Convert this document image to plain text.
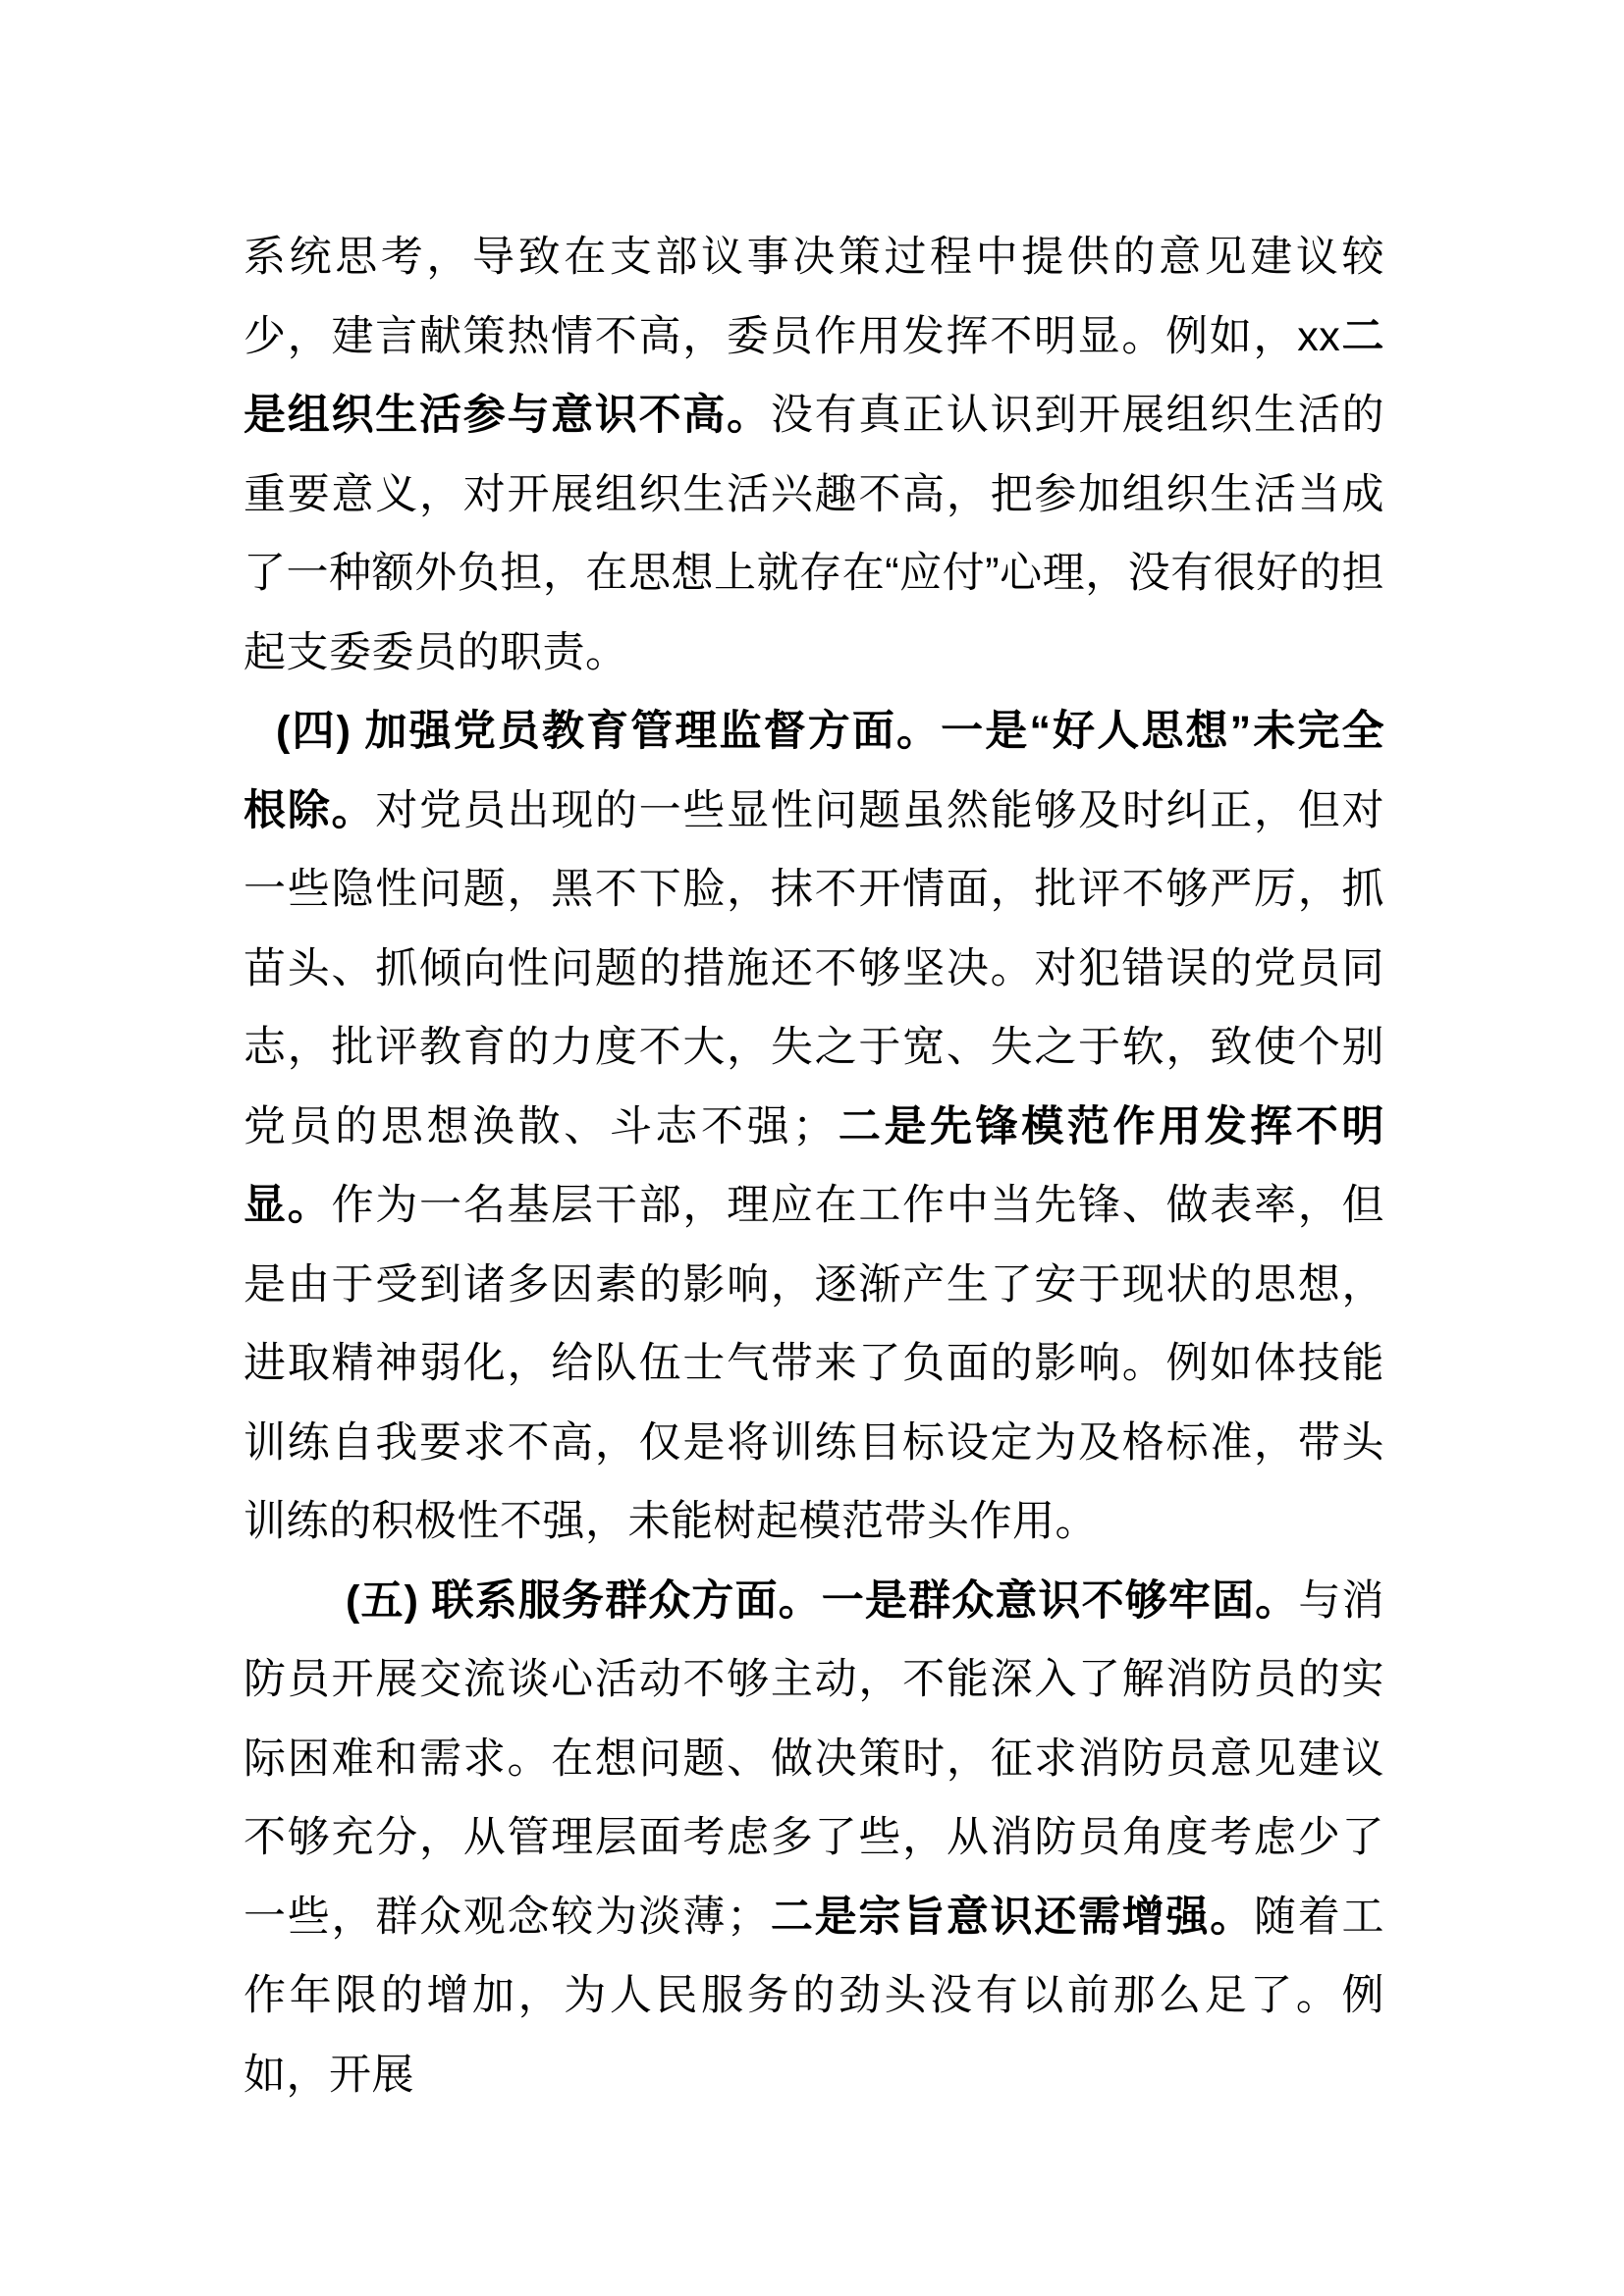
系统思考，导致在支部议事决策过程中提供的意见建议较少，建言献策热情不高，委员作用发挥不明显。例如，xx二是组织生活参与意识不高。没有真正认识到开展组织生活的重要意义，对开展组织生活兴趣不高，把参加组织生活当成了一种额外负担，在思想上就存在“应付”心理，没有很好的担起支委委员的职责。

(四) 加强党员教育管理监督方面。一是“好人思想”未完全根除。对党员出现的一些显性问题虽然能够及时纠正，但对一些隐性问题，黑不下脸，抹不开情面，批评不够严厉，抓苗头、抓倾向性问题的措施还不够坚决。对犯错误的党员同志，批评教育的力度不大，失之于宽、失之于软，致使个别党员的思想涣散、斗志不强；二是先锋模范作用发挥不明显。作为一名基层干部，理应在工作中当先锋、做表率，但是由于受到诸多因素的影响，逐渐产生了安于现状的思想，进取精神弱化，给队伍士气带来了负面的影响。例如体技能训练自我要求不高，仅是将训练目标设定为及格标准，带头训练的积极性不强，未能树起模范带头作用。

(五) 联系服务群众方面。一是群众意识不够牢固。与消防员开展交流谈心活动不够主动，不能深入了解消防员的实际困难和需求。在想问题、做决策时，征求消防员意见建议不够充分，从管理层面考虑多了些，从消防员角度考虑少了一些，群众观念较为淡薄；二是宗旨意识还需增强。随着工作年限的增加，为人民服务的劲头没有以前那么足了。例如，开展
